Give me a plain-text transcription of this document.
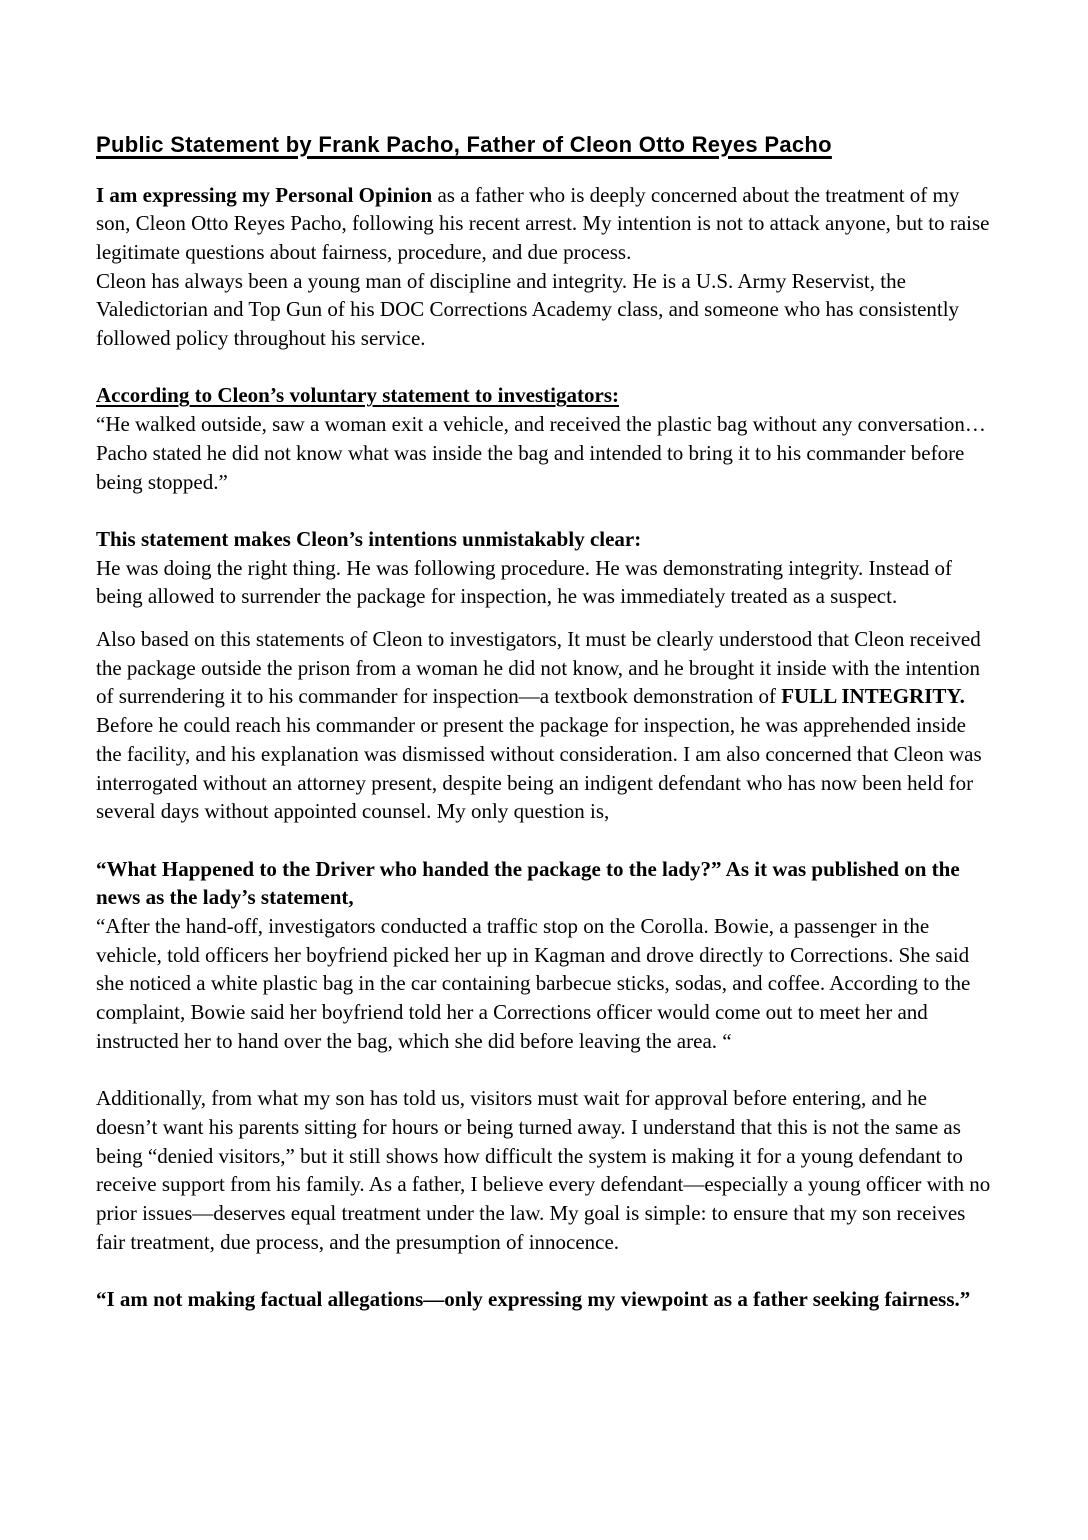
Public Statement by Frank Pacho, Father of Cleon Otto Reyes Pacho

I am expressing my Personal Opinion as a father who is deeply concerned about the treatment of my son, Cleon Otto Reyes Pacho, following his recent arrest. My intention is not to attack anyone, but to raise legitimate questions about fairness, procedure, and due process.
Cleon has always been a young man of discipline and integrity. He is a U.S. Army Reservist, the Valedictorian and Top Gun of his DOC Corrections Academy class, and someone who has consistently followed policy throughout his service.

According to Cleon’s voluntary statement to investigators:

“He walked outside, saw a woman exit a vehicle, and received the plastic bag without any conversation… Pacho stated he did not know what was inside the bag and intended to bring it to his commander before being stopped.”

This statement makes Cleon’s intentions unmistakably clear:

He was doing the right thing. He was following procedure. He was demonstrating integrity. Instead of being allowed to surrender the package for inspection, he was immediately treated as a suspect.

Also based on this statements of Cleon to investigators, It must be clearly understood that Cleon received the package outside the prison from a woman he did not know, and he brought it inside with the intention of surrendering it to his commander for inspection—a textbook demonstration of FULL INTEGRITY. Before he could reach his commander or present the package for inspection, he was apprehended inside the facility, and his explanation was dismissed without consideration. I am also concerned that Cleon was interrogated without an attorney present, despite being an indigent defendant who has now been held for several days without appointed counsel. My only question is,

“What Happened to the Driver who handed the package to the lady?” As it was published on the news as the lady’s statement,

“After the hand-off, investigators conducted a traffic stop on the Corolla. Bowie, a passenger in the vehicle, told officers her boyfriend picked her up in Kagman and drove directly to Corrections. She said she noticed a white plastic bag in the car containing barbecue sticks, sodas, and coffee. According to the complaint, Bowie said her boyfriend told her a Corrections officer would come out to meet her and instructed her to hand over the bag, which she did before leaving the area. “

Additionally, from what my son has told us, visitors must wait for approval before entering, and he doesn’t want his parents sitting for hours or being turned away. I understand that this is not the same as being “denied visitors,” but it still shows how difficult the system is making it for a young defendant to receive support from his family. As a father, I believe every defendant—especially a young officer with no prior issues—deserves equal treatment under the law. My goal is simple: to ensure that my son receives fair treatment, due process, and the presumption of innocence.

“I am not making factual allegations—only expressing my viewpoint as a father seeking fairness.”
